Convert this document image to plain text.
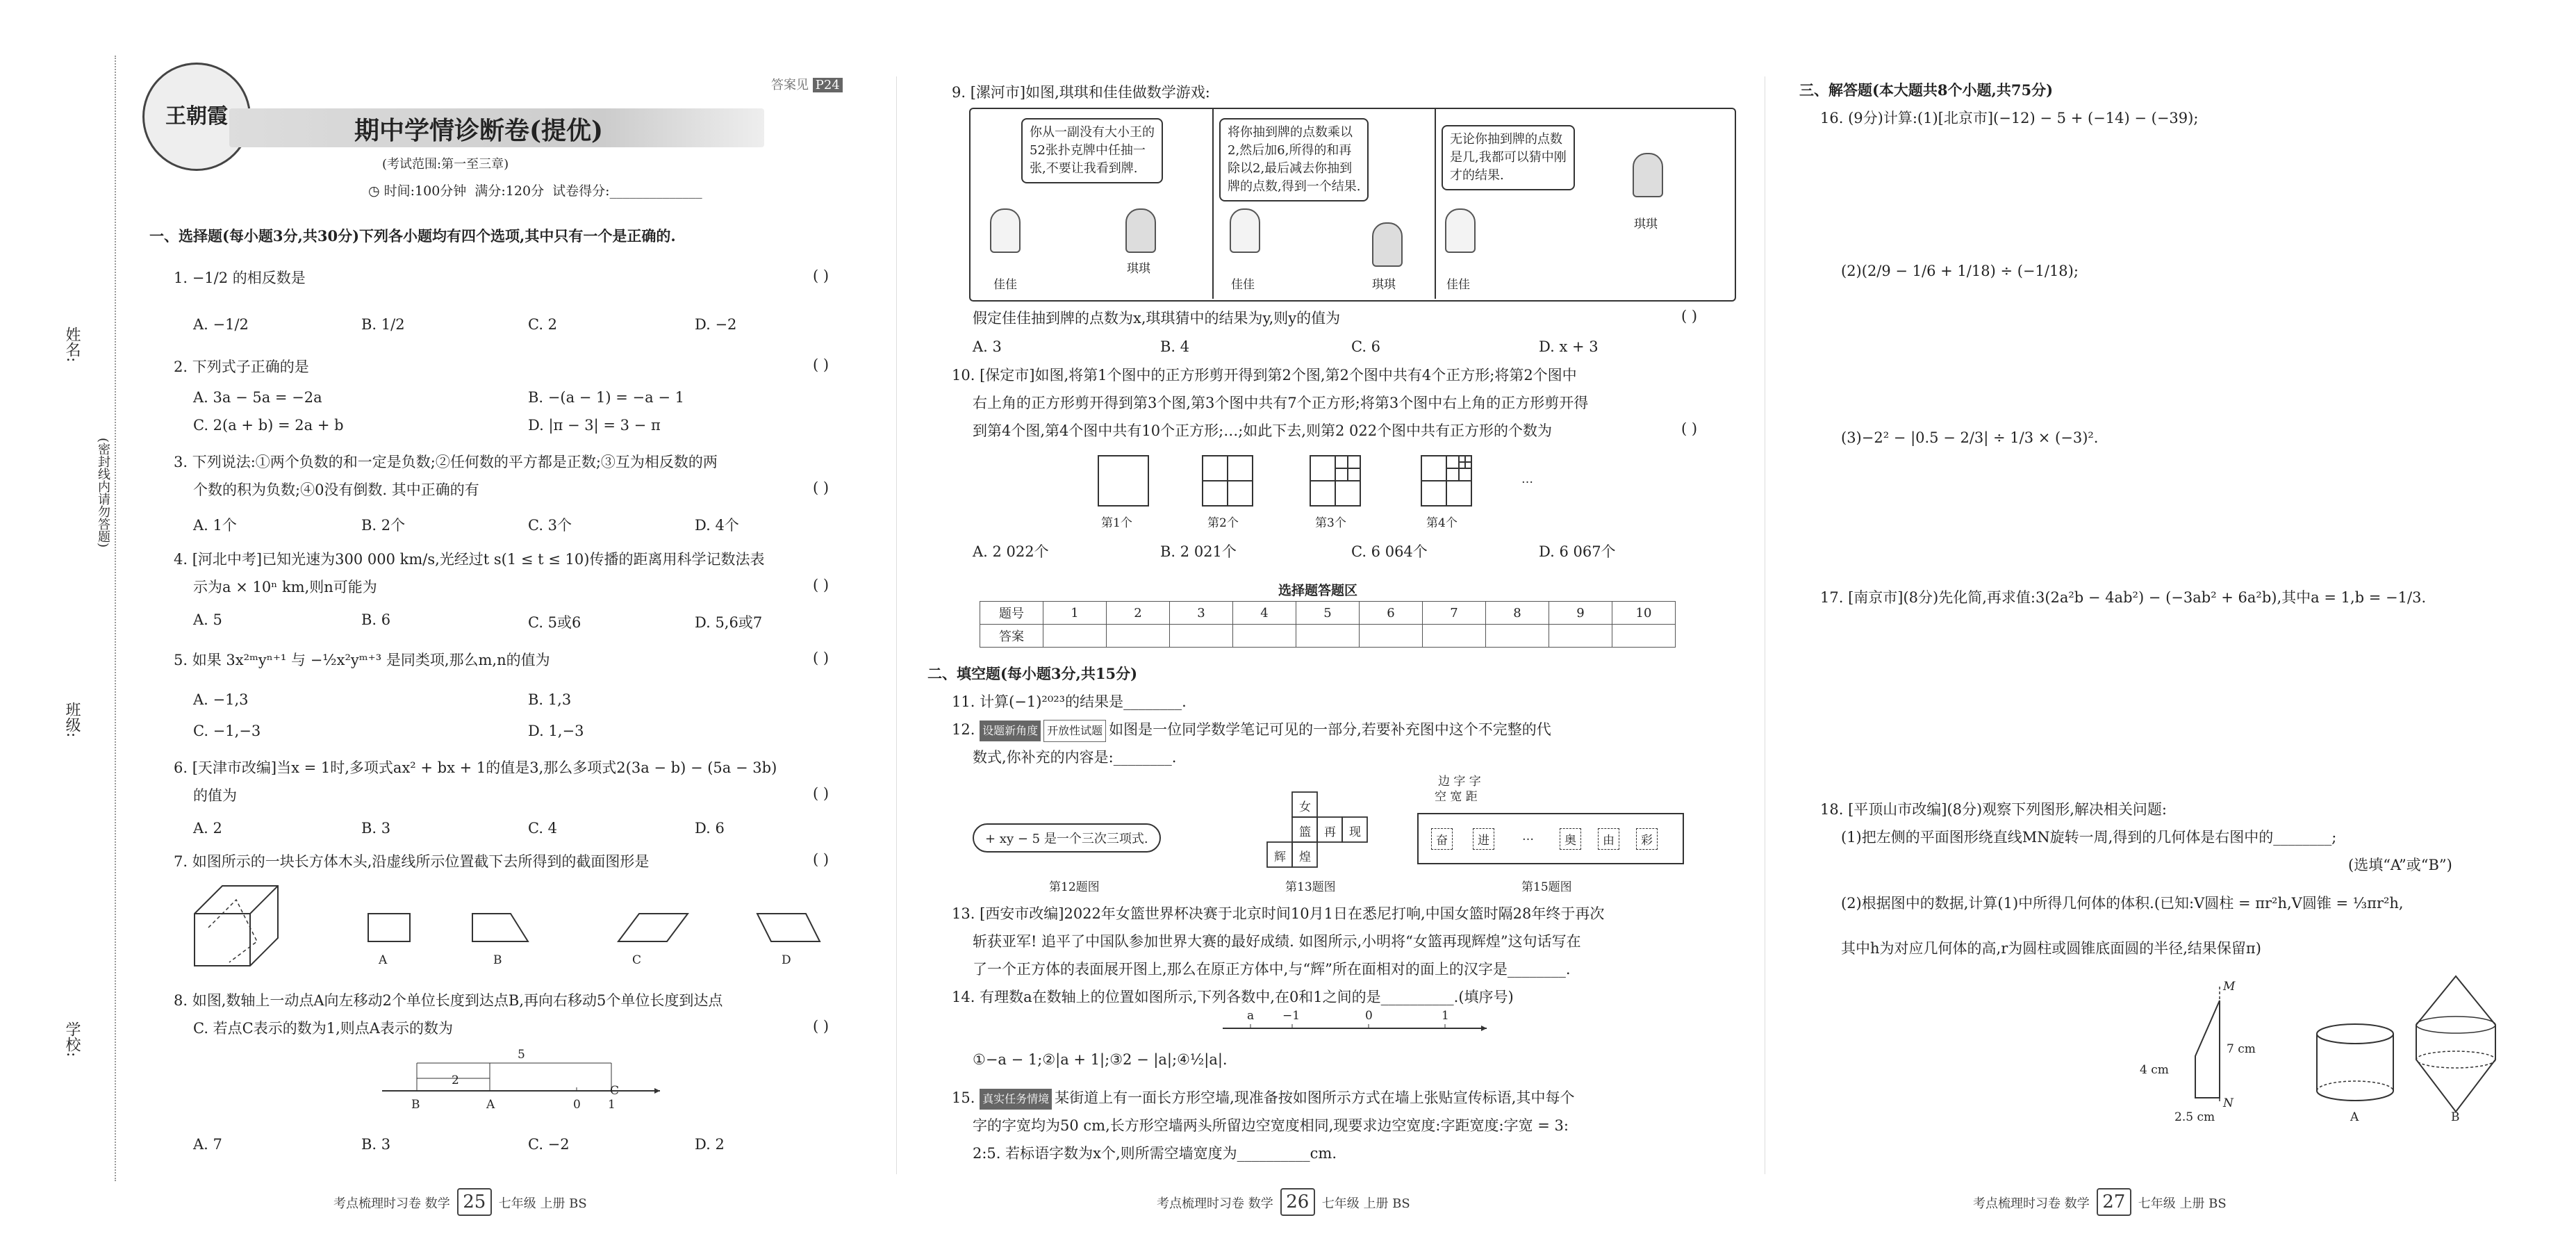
姓名:
班级:
学校:
(密封线内请勿答题)
王朝霞
答案见 P24
期中学情诊断卷(提优)
(考试范围:第一至三章)
◷ 时间:100分钟 满分:120分 试卷得分:______________
一、选择题(每小题3分,共30分)下列各小题均有四个选项,其中只有一个是正确的.
1. −1/2 的相反数是	( )
A. −1/2	B. 1/2	C. 2	D. −2
2. 下列式子正确的是	( )
A. 3a − 5a = −2a	B. −(a − 1) = −a − 1
C. 2(a + b) = 2a + b	D. |π − 3| = 3 − π
3. 下列说法:①两个负数的和一定是负数;②任何数的平方都是正数;③互为相反数的两
个数的积为负数;④0没有倒数. 其中正确的有	( )
A. 1个	B. 2个	C. 3个	D. 4个
4. [河北中考]已知光速为300 000 km/s,光经过t s(1 ≤ t ≤ 10)传播的距离用科学记数法表
示为a × 10ⁿ km,则n可能为	( )
A. 5	B. 6	C. 5或6	D. 5,6或7
5. 如果 3x²ᵐyⁿ⁺¹ 与 −½x²yᵐ⁺³ 是同类项,那么m,n的值为	( )
A. −1,3	B. 1,3
C. −1,−3	D. 1,−3
6. [天津市改编]当x = 1时,多项式ax² + bx + 1的值是3,那么多项式2(3a − b) − (5a − 3b)
的值为	( )
A. 2	B. 3	C. 4	D. 6
7. 如图所示的一块长方体木头,沿虚线所示位置截下去所得到的截面图形是	( )
A	B	C	D
8. 如图,数轴上一动点A向左移动2个单位长度到达点B,再向右移动5个单位长度到达点
C. 若点C表示的数为1,则点A表示的数为	( )
B
2
A	0 1
C
5
A. 7	B. 3	C. −2	D. 2
考点梳理时习卷 数学 25 七年级 上册 BS
9. [漯河市]如图,琪琪和佳佳做数学游戏:
你从一副没有大小王的
52张扑克牌中任抽一
张,不要让我看到牌.
将你抽到牌的点数乘以
2,然后加6,所得的和再
除以2,最后减去你抽到
牌的点数,得到一个结果.
无论你抽到牌的点数
是几,我都可以猜中刚
才的结果.
佳佳
琪琪
佳佳	琪琪	佳佳
琪琪
假定佳佳抽到牌的点数为x,琪琪猜中的结果为y,则y的值为	( )
A. 3	B. 4	C. 6	D. x + 3
10. [保定市]如图,将第1个图中的正方形剪开得到第2个图,第2个图中共有4个正方形;将第2个图中
右上角的正方形剪开得到第3个图,第3个图中共有7个正方形;将第3个图中右上角的正方形剪开得
到第4个图,第4个图中共有10个正方形;…;如此下去,则第2 022个图中共有正方形的个数为	( )
第1个	第2个	第3个	第4个
…
A. 2 022个	B. 2 021个	C. 6 064个	D. 6 067个
选择题答题区
题号	1	2	3	4	5	6	7	8	9	10
答案										
二、填空题(每小题3分,共15分)
11. 计算(−1)²⁰²³的结果是________.
12. 设题新角度 开放性试题 如图是一位同学数学笔记可见的一部分,若要补充图中这个不完整的代
数式,你补充的内容是:________.
+ xy − 5 是一个三次三项式.
第12题图
女
篮 再 现
辉 煌
第13题图
边 字 字
空 宽 距
奋	进	…	奥	由	彩
第15题图
13. [西安市改编]2022年女篮世界杯决赛于北京时间10月1日在悉尼打响,中国女篮时隔28年终于再次
斩获亚军! 追平了中国队参加世界大赛的最好成绩. 如图所示,小明将“女篮再现辉煌”这句话写在
了一个正方体的表面展开图上,那么在原正方体中,与“辉”所在面相对的面上的汉字是________.
14. 有理数a在数轴上的位置如图所示,下列各数中,在0和1之间的是__________.(填序号)
a −1	0	1
①−a − 1;②|a + 1|;③2 − |a|;④½|a|.
15. 真实任务情境 某街道上有一面长方形空墙,现准备按如图所示方式在墙上张贴宣传标语,其中每个
字的字宽均为50 cm,长方形空墙两头所留边空宽度相同,现要求边空宽度:字距宽度:字宽 = 3:
2:5. 若标语字数为x个,则所需空墙宽度为__________cm.
考点梳理时习卷 数学 26 七年级 上册 BS
三、解答题(本大题共8个小题,共75分)
16. (9分)计算:(1)[北京市](−12) − 5 + (−14) − (−39);
(2)(2/9 − 1/6 + 1/18) ÷ (−1/18);
(3)−2² − |0.5 − 2/3| ÷ 1/3 × (−3)².
17. [南京市](8分)先化简,再求值:3(2a²b − 4ab²) − (−3ab² + 6a²b),其中a = 1,b = −1/3.
18. [平顶山市改编](8分)观察下列图形,解决相关问题:
(1)把左侧的平面图形绕直线MN旋转一周,得到的几何体是右图中的________;
(选填“A”或“B”)
(2)根据图中的数据,计算(1)中所得几何体的体积.(已知:V圆柱 = πr²h,V圆锥 = ⅓πr²h,
其中h为对应几何体的高,r为圆柱或圆锥底面圆的半径,结果保留π)
M
N
4 cm
7 cm
2.5 cm	A	B
考点梳理时习卷 数学 27 七年级 上册 BS
